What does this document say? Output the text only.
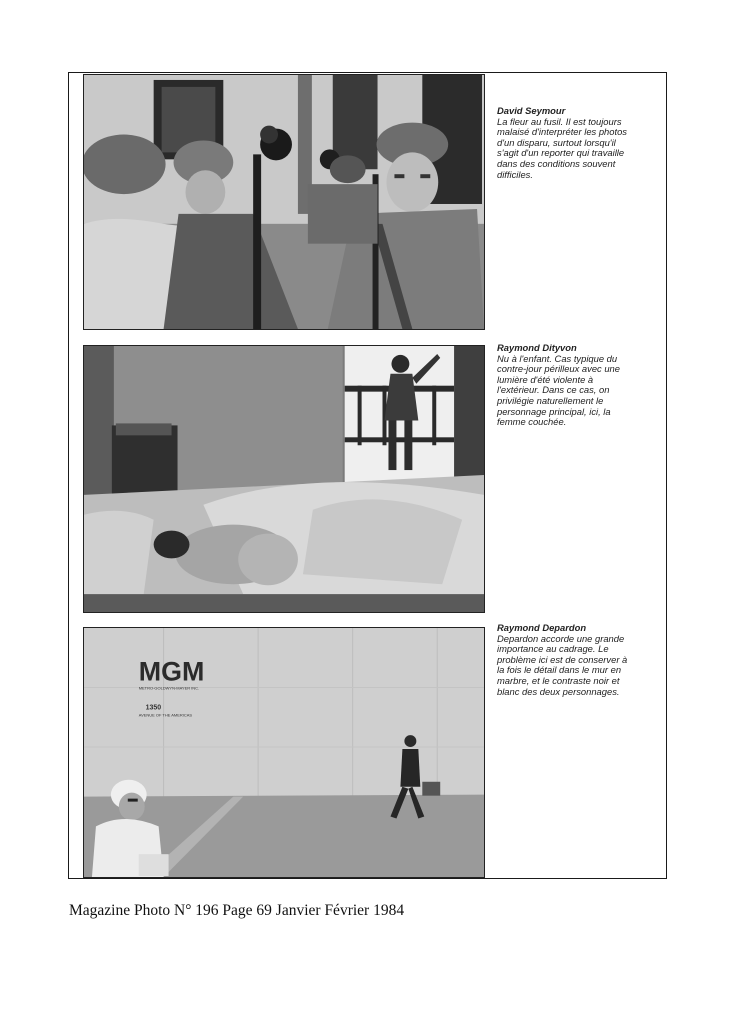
MGM
METRO-GOLDWYN-MAYER INC.
1350
AVENUE OF THE AMERICAS
David Seymour
La fleur au fusil. Il est toujours malaisé d'interpréter les photos d'un disparu, surtout lorsqu'il s'agit d'un reporter qui travaille dans des conditions souvent difficiles.
Raymond Dityvon
Nu à l'enfant. Cas typique du contre-jour périlleux avec une lumière d'été violente à l'extérieur. Dans ce cas, on privilégie naturellement le personnage principal, ici, la femme couchée.
Raymond Depardon
Depardon accorde une grande importance au cadrage. Le problème ici est de conserver à la fois le détail dans le mur en marbre, et le contraste noir et blanc des deux personnages.
Magazine Photo N° 196 Page 69 Janvier Février 1984
